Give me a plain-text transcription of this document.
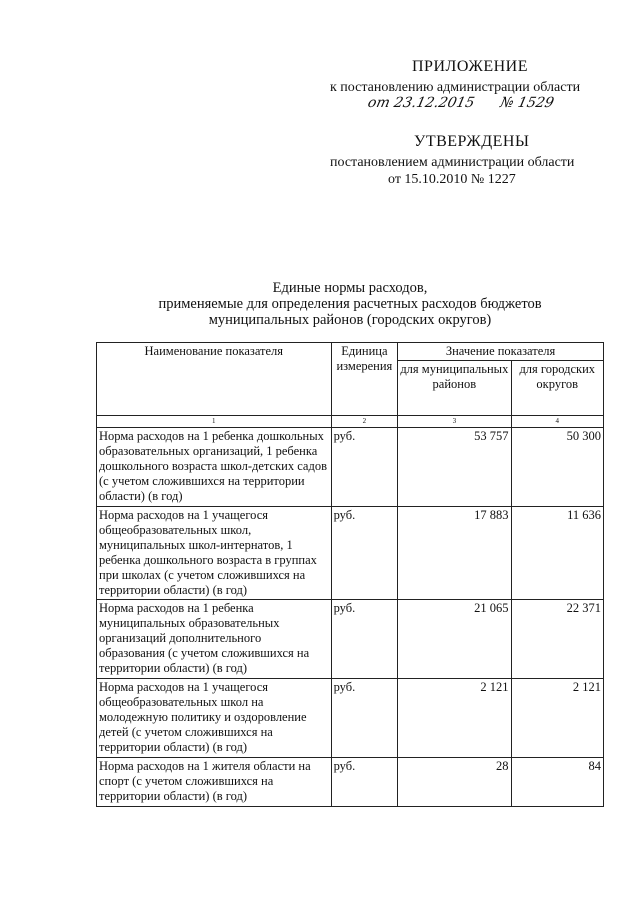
ПРИЛОЖЕНИЕ
к постановлению администрации области
от 23.12.2015 № 1529
УТВЕРЖДЕНЫ
постановлением администрации области
от 15.10.2010 № 1227
Единые нормы расходов,
применяемые для определения расчетных расходов бюджетов
муниципальных районов (городских округов)
Наименование показателя	Единица измерения	Значение показателя	
		для муниципальных районов	для городских округов
1	2	3	4
Норма расходов на 1 ребенка дошкольных образовательных организаций, 1 ребенка дошкольного возраста школ-детских садов (с учетом сложившихся на территории области) (в год)	руб.	53 757	50 300
Норма расходов на 1 учащегося общеобразовательных школ, муниципальных школ-интернатов, 1 ребенка дошкольного возраста в группах при школах (с учетом сложившихся на территории области) (в год)	руб.	17 883	11 636
Норма расходов на 1 ребенка муниципальных образовательных организаций дополнительного образования (с учетом сложившихся на территории области) (в год)	руб.	21 065	22 371
Норма расходов на 1 учащегося общеобразовательных школ на молодежную политику и оздоровление детей (с учетом сложившихся на территории области) (в год)	руб.	2 121	2 121
Норма расходов на 1 жителя области на спорт (с учетом сложившихся на территории области) (в год)	руб.	28	84
